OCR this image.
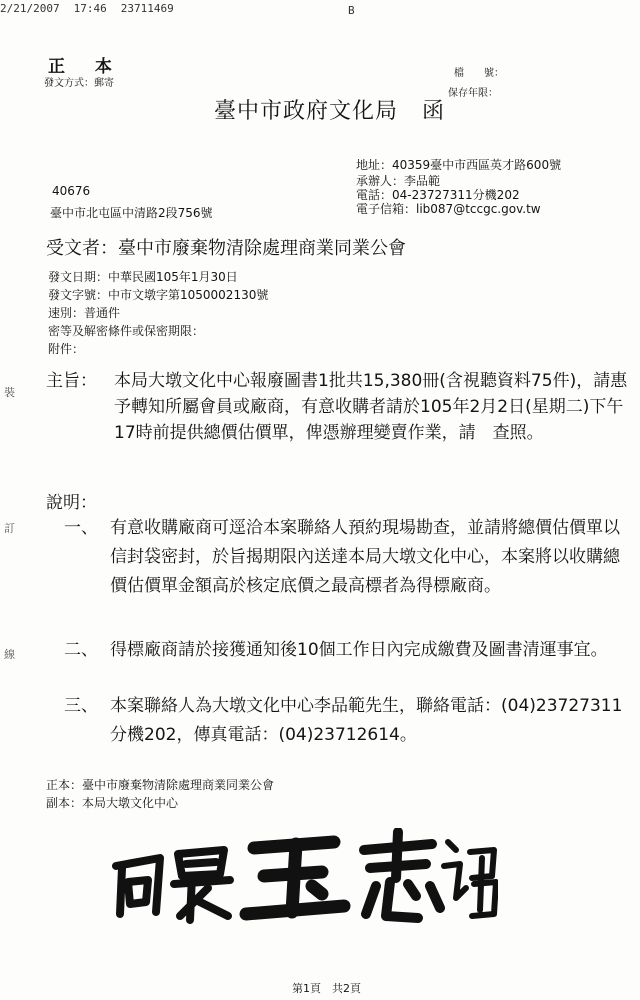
2/21/2007 17:46 23711469	B
正 本
發文方式：郵寄
檔　　號：
保存年限：
臺中市政府文化局 函
地址：40359臺中市西區英才路600號
承辦人：李品範
電話：04-23727311分機202
電子信箱：lib087@tccgc.gov.tw
40676
臺中市北屯區中清路2段756號
受文者：臺中市廢棄物清除處理商業同業公會
發文日期：中華民國105年1月30日
發文字號：中市文墩字第1050002130號
速別：普通件
密等及解密條件或保密期限：
附件：
主旨： 本局大墩文化中心報廢圖書1批共15,380冊(含視聽資料75件)，請惠予轉知所屬會員或廠商，有意收購者請於105年2月2日(星期二)下午17時前提供總價估價單，俾憑辦理變賣作業，請　查照。
說明：
一、 有意收購廠商可逕洽本案聯絡人預約現場勘查，並請將總價估價單以信封袋密封，於旨揭期限內送達本局大墩文化中心，本案將以收購總價估價單金額高於核定底價之最高標者為得標廠商。
二、 得標廠商請於接獲通知後10個工作日內完成繳費及圖書清運事宜。
三、 本案聯絡人為大墩文化中心李品範先生，聯絡電話：(04)23727311分機202，傳真電話：(04)23712614。
正本：臺中市廢棄物清除處理商業同業公會
副本：本局大墩文化中心
第1頁　共2頁
裝
訂
線
